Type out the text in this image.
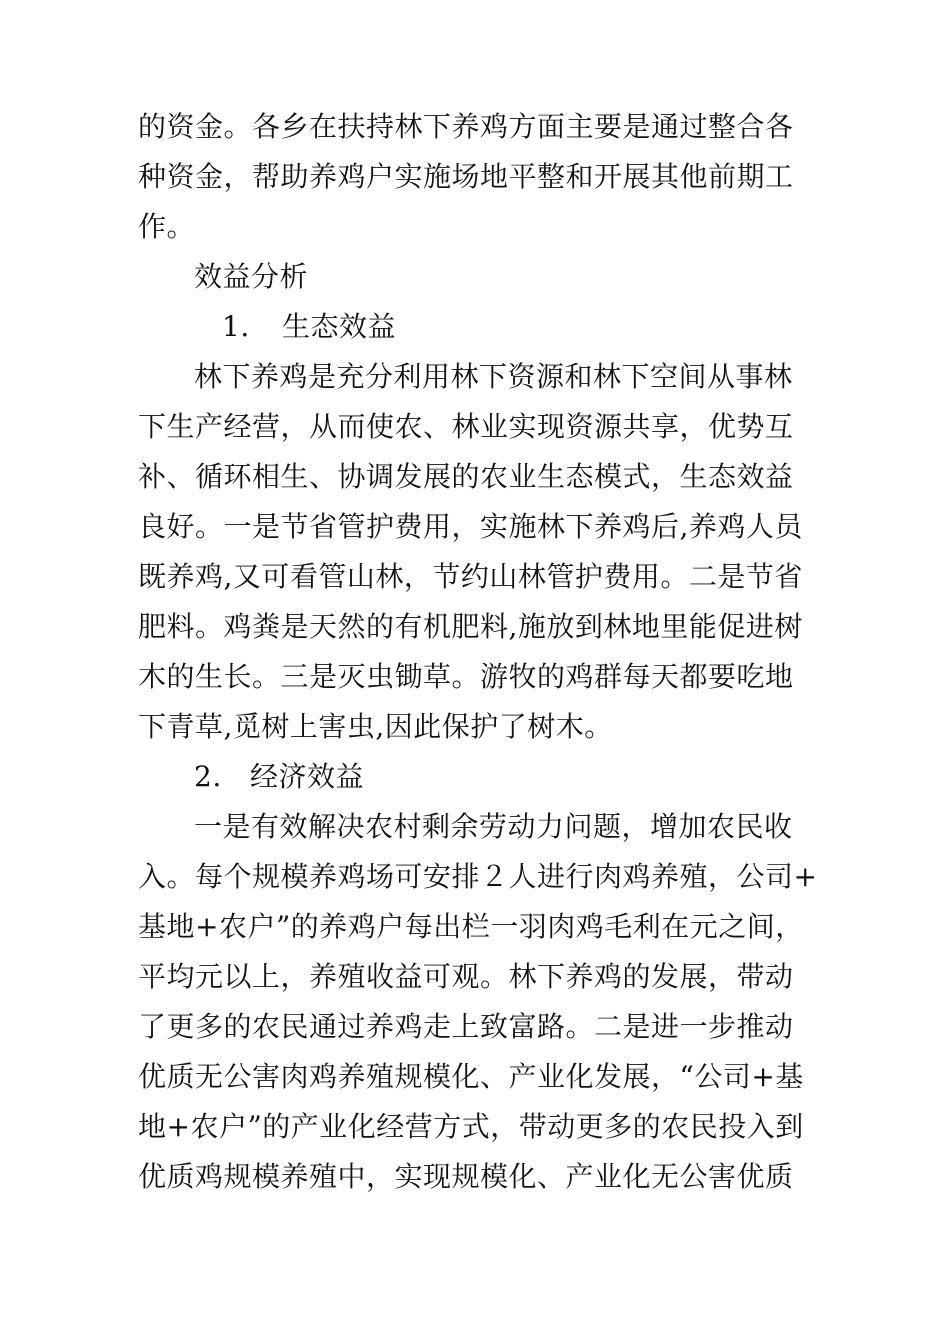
的资金。各乡在扶持林下养鸡方面主要是通过整合各
种资金，帮助养鸡户实施场地平整和开展其他前期工
作。
效益分析
1. 生态效益
林下养鸡是充分利用林下资源和林下空间从事林
下生产经营，从而使农、林业实现资源共享，优势互
补、循环相生、协调发展的农业生态模式，生态效益
良好。一是节省管护费用，实施林下养鸡后,养鸡人员
既养鸡,又可看管山林，节约山林管护费用。二是节省
肥料。鸡粪是天然的有机肥料,施放到林地里能促进树
木的生长。三是灭虫锄草。游牧的鸡群每天都要吃地
下青草,觅树上害虫,因此保护了树木。
2. 经济效益
一是有效解决农村剩余劳动力问题，增加农民收
入。每个规模养鸡场可安排２人进行肉鸡养殖，公司+
基地+农户”的养鸡户每出栏一羽肉鸡毛利在元之间，
平均元以上，养殖收益可观。林下养鸡的发展，带动
了更多的农民通过养鸡走上致富路。二是进一步推动
优质无公害肉鸡养殖规模化、产业化发展，“公司+基
地+农户”的产业化经营方式，带动更多的农民投入到
优质鸡规模养殖中，实现规模化、产业化无公害优质
